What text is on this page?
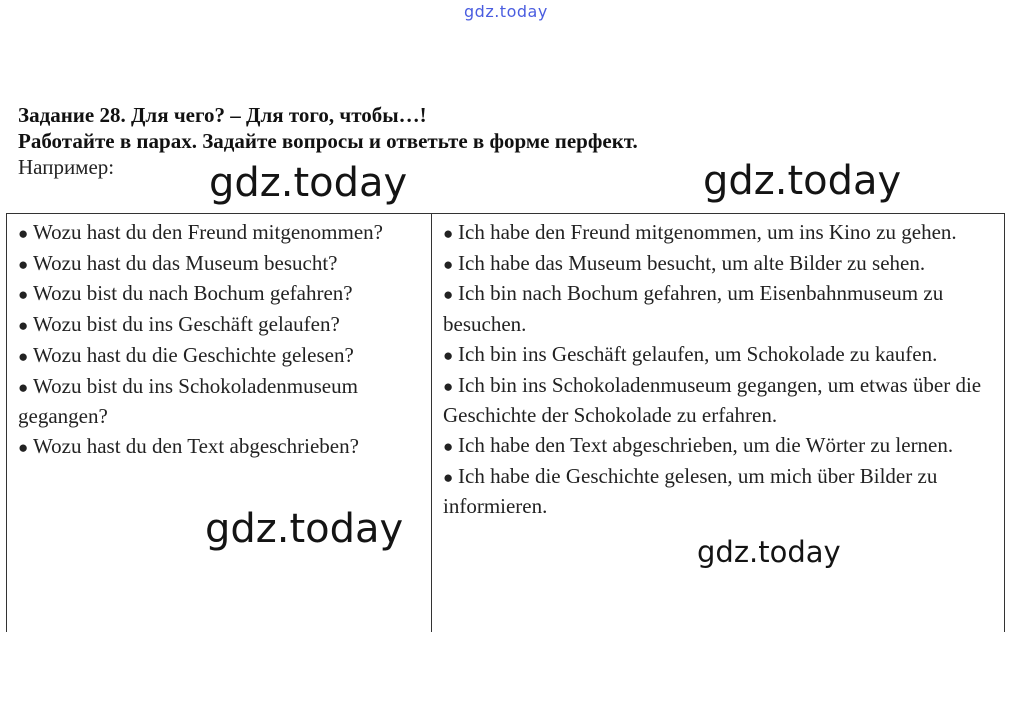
gdz.today
Задание 28. Для чего? – Для того, чтобы…!
Работайте в парах. Задайте вопросы и ответьте в форме перфект.
Например:

● Wozu hast du den Freund mitgenommen?

● Wozu hast du das Museum besucht?

● Wozu bist du nach Bochum gefahren?

● Wozu bist du ins Geschäft gelaufen?

● Wozu hast du die Geschichte gelesen?

● Wozu bist du ins Schokoladenmuseum gegangen?

● Wozu hast du den Text abgeschrieben?

● Ich habe den Freund mitgenommen, um ins Kino zu gehen.

● Ich habe das Museum besucht, um alte Bilder zu sehen.

● Ich bin nach Bochum gefahren, um Eisenbahnmuseum zu besuchen.

● Ich bin ins Geschäft gelaufen, um Schokolade zu kaufen.

● Ich bin ins Schokoladenmuseum gegangen, um etwas über die Geschichte der Schokolade zu erfahren.

● Ich habe den Text abgeschrieben, um die Wörter zu lernen.

● Ich habe die Geschichte gelesen, um mich über Bilder zu informieren.

gdz.today	gdz.today
gdz.today	gdz.today
